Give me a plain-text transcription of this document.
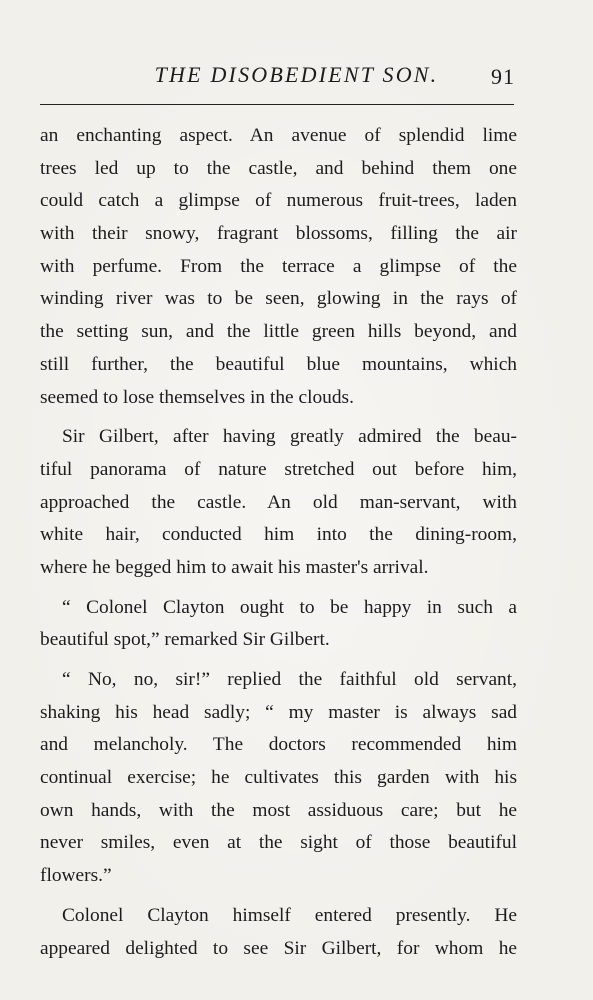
THE DISOBEDIENT SON.	91
an enchanting aspect. An avenue of splendid lime
trees led up to the castle, and behind them one
could catch a glimpse of numerous fruit-trees, laden
with their snowy, fragrant blossoms, filling the air
with perfume. From the terrace a glimpse of the
winding river was to be seen, glowing in the rays of
the setting sun, and the little green hills beyond, and
still further, the beautiful blue mountains, which
seemed to lose themselves in the clouds.
Sir Gilbert, after having greatly admired the beau-
tiful panorama of nature stretched out before him,
approached the castle. An old man-servant, with
white hair, conducted him into the dining-room,
where he begged him to await his master's arrival.
“ Colonel Clayton ought to be happy in such a
beautiful spot,” remarked Sir Gilbert.
“ No, no, sir!” replied the faithful old servant,
shaking his head sadly; “ my master is always sad
and melancholy. The doctors recommended him
continual exercise; he cultivates this garden with his
own hands, with the most assiduous care; but he
never smiles, even at the sight of those beautiful
flowers.”
Colonel Clayton himself entered presently. He
appeared delighted to see Sir Gilbert, for whom he
